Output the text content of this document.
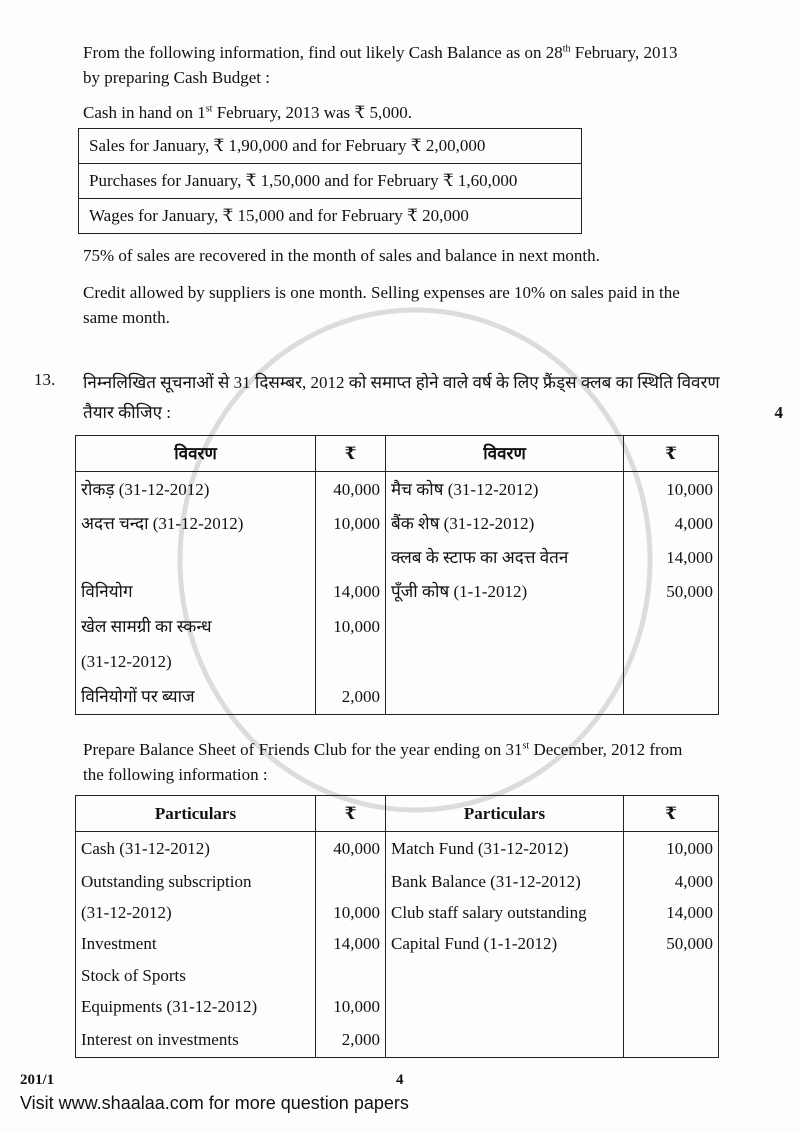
From the following information, find out likely Cash Balance as on 28th February, 2013
by preparing Cash Budget :

Cash in hand on 1st February, 2013 was ₹ 5,000.

Sales for January, ₹ 1,90,000 and for February ₹ 2,00,000
Purchases for January, ₹ 1,50,000 and for February ₹ 1,60,000
Wages for January, ₹ 15,000 and for February ₹ 20,000

75% of sales are recovered in the month of sales and balance in next month.

Credit allowed by suppliers is one month. Selling expenses are 10% on sales paid in the
same month.

13. निम्नलिखित सूचनाओं से 31 दिसम्बर, 2012 को समाप्त होने वाले वर्ष के लिए फ्रैंड्स क्लब का स्थिति विवरण
तैयार कीजिए :	4
विवरण	₹	विवरण	₹
रोकड़ (31-12-2012)	40,000	मैच कोष (31-12-2012)	10,000
अदत्त चन्दा (31-12-2012)	10,000	बैंक शेष (31-12-2012)	4,000
		क्लब के स्टाफ का अदत्त वेतन	14,000
विनियोग	14,000	पूँजी कोष (1-1-2012)	50,000
खेल सामग्री का स्कन्ध	10,000		
(31-12-2012)			
विनियोगों पर ब्याज	2,000		

Prepare Balance Sheet of Friends Club for the year ending on 31st December, 2012 from
the following information :

Particulars	₹	Particulars	₹
Cash (31-12-2012)	40,000	Match Fund (31-12-2012)	10,000
Outstanding subscription		Bank Balance (31-12-2012)	4,000
(31-12-2012)	10,000	Club staff salary outstanding	14,000
Investment	14,000	Capital Fund (1-1-2012)	50,000
Stock of Sports			
Equipments (31-12-2012)	10,000		
Interest on investments	2,000		
201/1	4
Visit www.shaalaa.com for more question papers
